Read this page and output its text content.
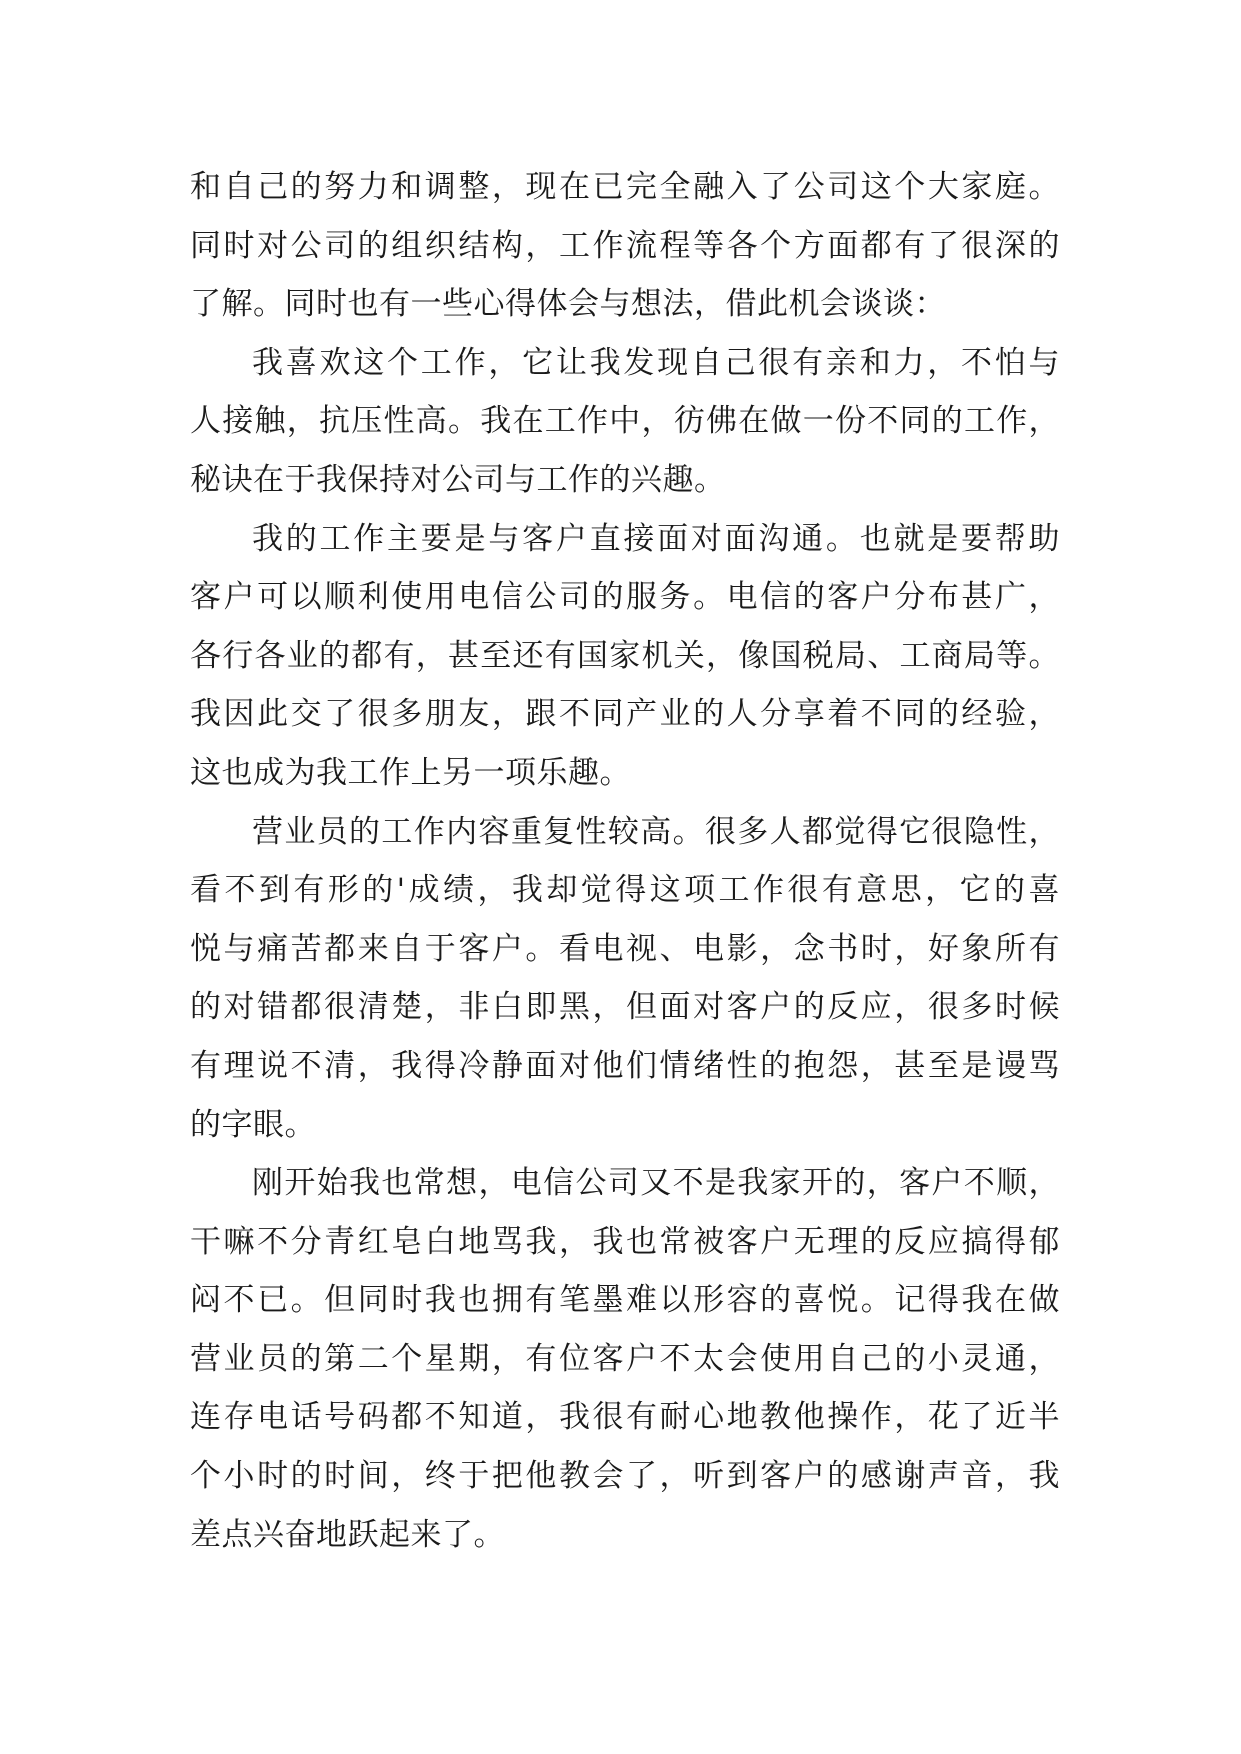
和自己的努力和调整，现在已完全融入了公司这个大家庭。
同时对公司的组织结构，工作流程等各个方面都有了很深的
了解。同时也有一些心得体会与想法，借此机会谈谈：
我喜欢这个工作，它让我发现自己很有亲和力，不怕与
人接触，抗压性高。我在工作中，彷佛在做一份不同的工作，
秘诀在于我保持对公司与工作的兴趣。
我的工作主要是与客户直接面对面沟通。也就是要帮助
客户可以顺利使用电信公司的服务。电信的客户分布甚广，
各行各业的都有，甚至还有国家机关，像国税局、工商局等。
我因此交了很多朋友，跟不同产业的人分享着不同的经验，
这也成为我工作上另一项乐趣。
营业员的工作内容重复性较高。很多人都觉得它很隐性，
看不到有形的'成绩，我却觉得这项工作很有意思，它的喜
悦与痛苦都来自于客户。看电视、电影，念书时，好象所有
的对错都很清楚，非白即黑，但面对客户的反应，很多时候
有理说不清，我得冷静面对他们情绪性的抱怨，甚至是谩骂
的字眼。
刚开始我也常想，电信公司又不是我家开的，客户不顺，
干嘛不分青红皂白地骂我，我也常被客户无理的反应搞得郁
闷不已。但同时我也拥有笔墨难以形容的喜悦。记得我在做
营业员的第二个星期，有位客户不太会使用自己的小灵通，
连存电话号码都不知道，我很有耐心地教他操作，花了近半
个小时的时间，终于把他教会了，听到客户的感谢声音，我
差点兴奋地跃起来了。
